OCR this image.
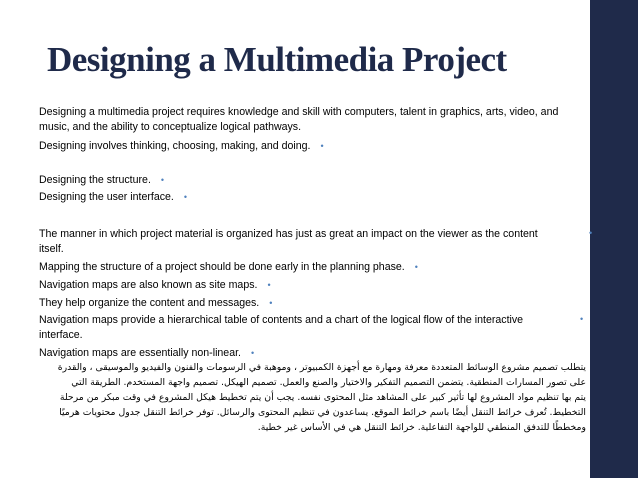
Designing a Multimedia Project
Designing a multimedia project requires knowledge and skill with computers, talent in graphics, arts, video, and
music, and the ability to conceptualize logical pathways.
Designing involves thinking, choosing, making, and doing. •
Designing the structure. •
Designing the user interface. •
The manner in which project material is organized has just as great an impact on the viewer as the content	•
itself.
Mapping the structure of a project should be done early in the planning phase. •
Navigation maps are also known as site maps. •
They help organize the content and messages. •
Navigation maps provide a hierarchical table of contents and a chart of the logical flow of the interactive	•
interface.
Navigation maps are essentially non-linear. •
يتطلب تصميم مشروع الوسائط المتعددة معرفة ومهارة مع أجهزة الكمبيوتر ، وموهبة في الرسومات والفنون والفيديو والموسيقى ، والقدرة
على تصور المسارات المنطقية. يتضمن التصميم التفكير والاختيار والصنع والعمل. تصميم الهيكل. تصميم واجهة المستخدم. الطريقة التي
يتم بها تنظيم مواد المشروع لها تأثير كبير على المشاهد مثل المحتوى نفسه. يجب أن يتم تخطيط هيكل المشروع في وقت مبكر من مرحلة
التخطيط. تُعرف خرائط التنقل أيضًا باسم خرائط الموقع. يساعدون في تنظيم المحتوى والرسائل. توفر خرائط التنقل جدول محتويات هرميًا
ومخططًا للتدفق المنطقي للواجهة التفاعلية. خرائط التنقل هي في الأساس غير خطية.
